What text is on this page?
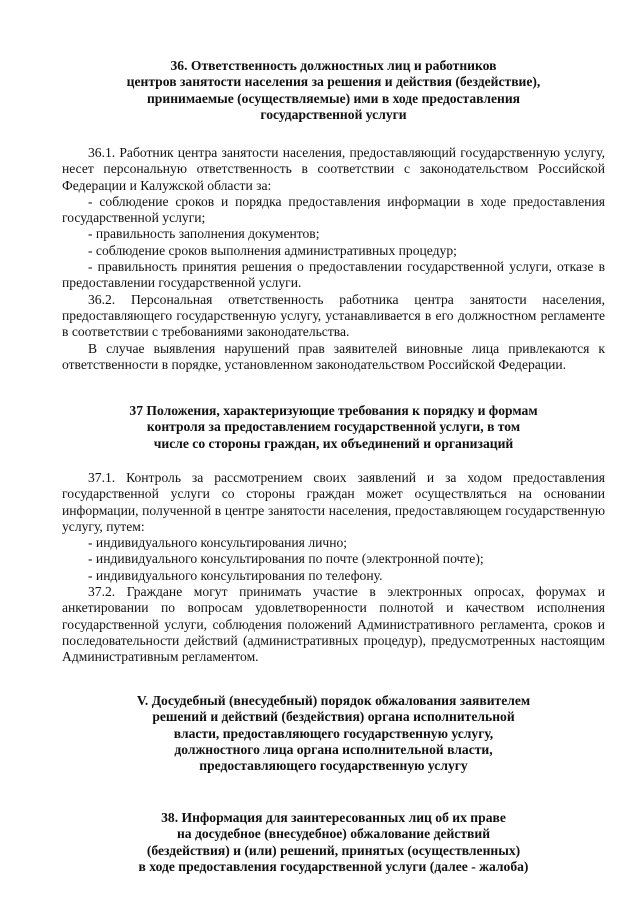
36. Ответственность должностных лиц и работников
центров занятости населения за решения и действия (бездействие),
принимаемые (осуществляемые) ими в ходе предоставления
государственной услуги

36.1. Работник центра занятости населения, предоставляющий государственную услугу, несет персональную ответственность в соответствии с законодательством Российской Федерации и Калужской области за:

- соблюдение сроков и порядка предоставления информации в ходе предоставления государственной услуги;

- правильность заполнения документов;

- соблюдение сроков выполнения административных процедур;

- правильность принятия решения о предоставлении государственной услуги, отказе в предоставлении государственной услуги.

36.2. Персональная ответственность работника центра занятости населения, предоставляющего государственную услугу, устанавливается в его должностном регламенте в соответствии с требованиями законодательства.

В случае выявления нарушений прав заявителей виновные лица привлекаются к ответственности в порядке, установленном законодательством Российской Федерации.

37 Положения, характеризующие требования к порядку и формам
контроля за предоставлением государственной услуги, в том
числе со стороны граждан, их объединений и организаций

37.1. Контроль за рассмотрением своих заявлений и за ходом предоставления государственной услуги со стороны граждан может осуществляться на основании информации, полученной в центре занятости населения, предоставляющем государственную услугу, путем:

- индивидуального консультирования лично;

- индивидуального консультирования по почте (электронной почте);

- индивидуального консультирования по телефону.

37.2. Граждане могут принимать участие в электронных опросах, форумах и анкетировании по вопросам удовлетворенности полнотой и качеством исполнения государственной услуги, соблюдения положений Административного регламента, сроков и последовательности действий (административных процедур), предусмотренных настоящим Административным регламентом.

V. Досудебный (внесудебный) порядок обжалования заявителем
решений и действий (бездействия) органа исполнительной
власти, предоставляющего государственную услугу,
должностного лица органа исполнительной власти,
предоставляющего государственную услугу
38. Информация для заинтересованных лиц об их праве
на досудебное (внесудебное) обжалование действий
(бездействия) и (или) решений, принятых (осуществленных)
в ходе предоставления государственной услуги (далее - жалоба)
